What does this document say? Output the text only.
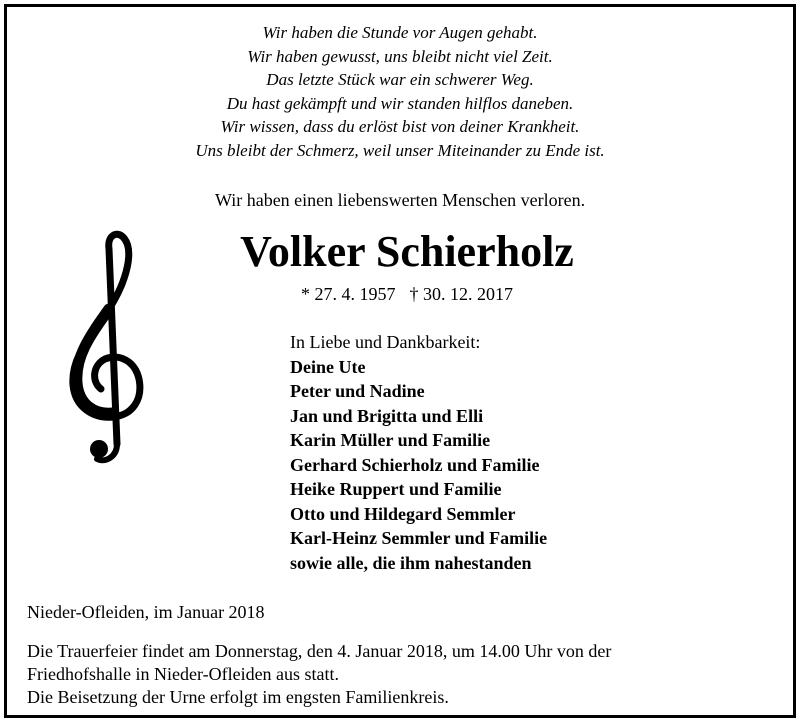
Wir haben die Stunde vor Augen gehabt.
Wir haben gewusst, uns bleibt nicht viel Zeit.
Das letzte Stück war ein schwerer Weg.
Du hast gekämpft und wir standen hilflos daneben.
Wir wissen, dass du erlöst bist von deiner Krankheit.
Uns bleibt der Schmerz, weil unser Miteinander zu Ende ist.
Wir haben einen liebenswerten Menschen verloren.
Volker Schierholz
* 27. 4. 1957 † 30. 12. 2017
In Liebe und Dankbarkeit:
Deine Ute
Peter und Nadine
Jan und Brigitta und Elli
Karin Müller und Familie
Gerhard Schierholz und Familie
Heike Ruppert und Familie
Otto und Hildegard Semmler
Karl-Heinz Semmler und Familie
sowie alle, die ihm nahestanden
Nieder-Ofleiden, im Januar 2018
Die Trauerfeier findet am Donnerstag, den 4. Januar 2018, um 14.00 Uhr von der
Friedhofshalle in Nieder-Ofleiden aus statt.
Die Beisetzung der Urne erfolgt im engsten Familienkreis.
